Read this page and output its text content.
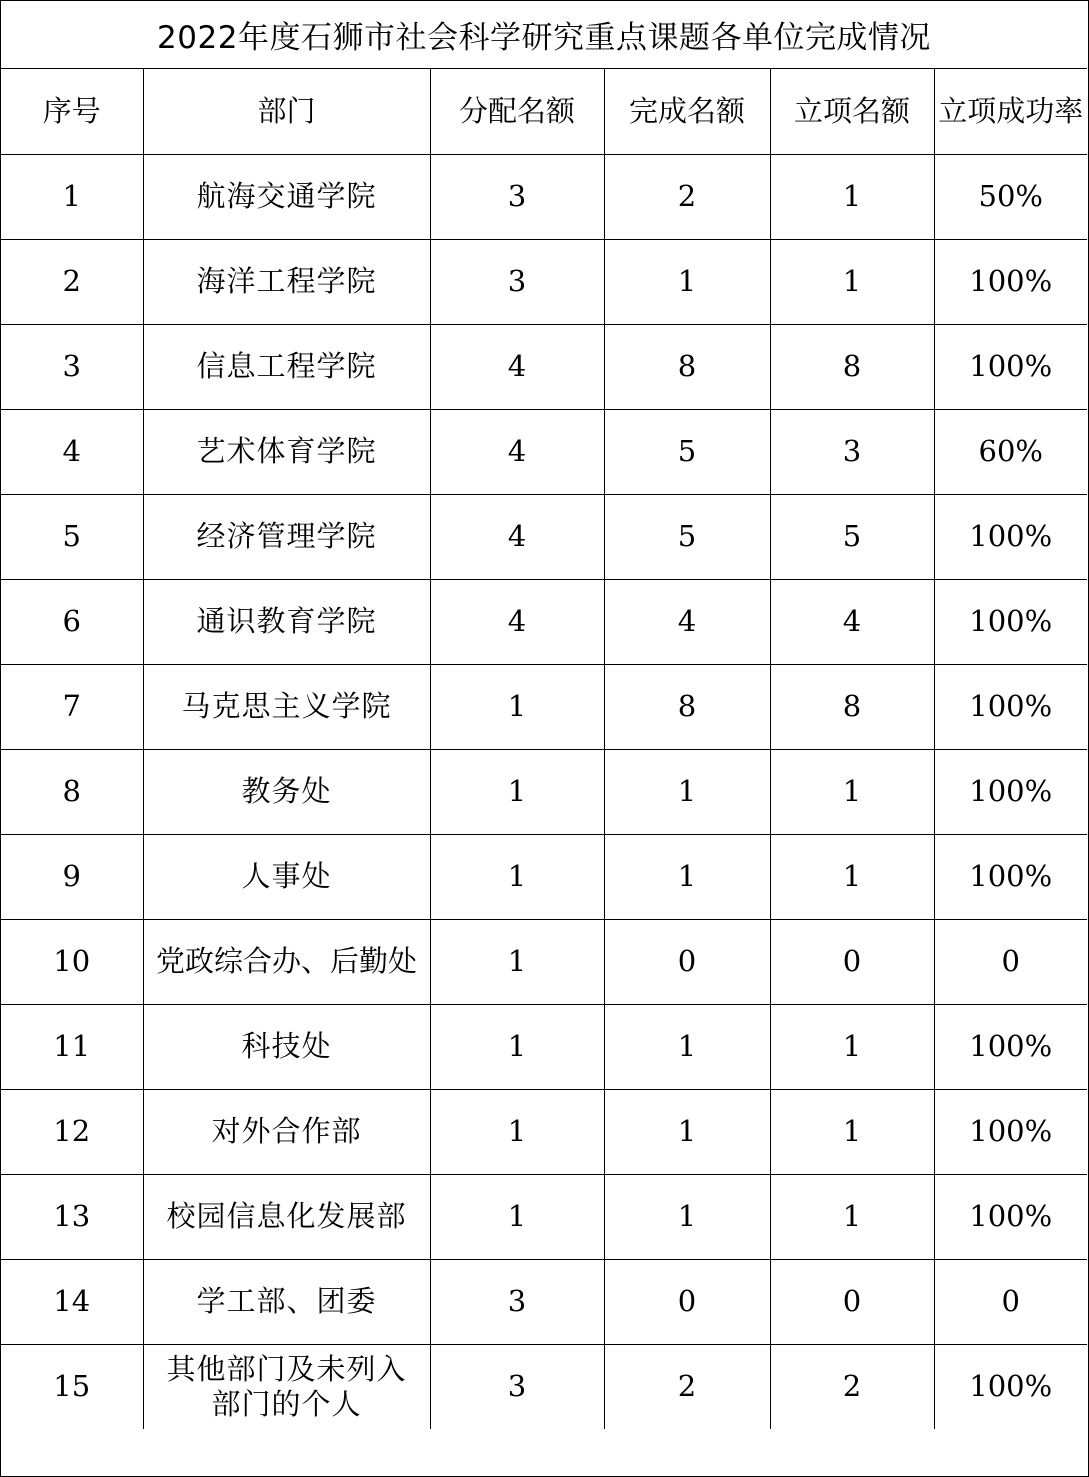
2022年度石狮市社会科学研究重点课题各单位完成情况
序号	部门	分配名额	完成名额	立项名额	立项成功率
1	航海交通学院	3	2	1	50%
2	海洋工程学院	3	1	1	100%
3	信息工程学院	4	8	8	100%
4	艺术体育学院	4	5	3	60%
5	经济管理学院	4	5	5	100%
6	通识教育学院	4	4	4	100%
7	马克思主义学院	1	8	8	100%
8	教务处	1	1	1	100%
9	人事处	1	1	1	100%
10	党政综合办、后勤处	1	0	0	0
11	科技处	1	1	1	100%
12	对外合作部	1	1	1	100%
13	校园信息化发展部	1	1	1	100%
14	学工部、团委	3	0	0	0
15	其他部门及未列入部门的个人	3	2	2	100%
